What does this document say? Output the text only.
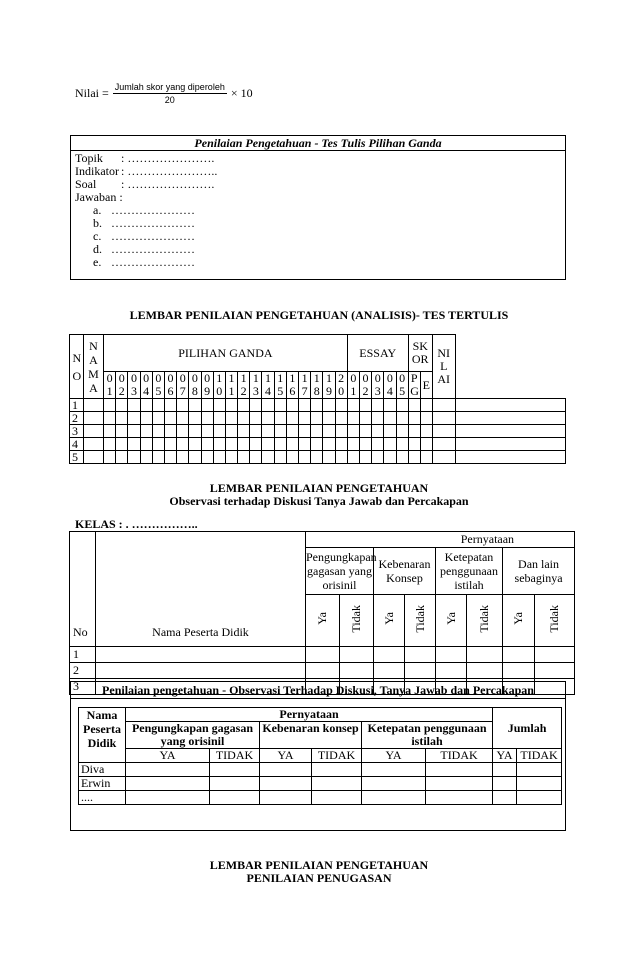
Nilai = $\frac{\text{Jumlah skor yang diperoleh}}{20} \times 10$
Penilaian Pengetahuan - Tes Tulis Pilihan Ganda
Topik : ………………….
Indikator : …………………..
Soal : ………………….
Jawaban :
a. …………………
b. …………………
c. …………………
d. …………………
e. …………………
LEMBAR PENILAIAN PENGETAHUAN (ANALISIS)- TES TERTULIS
N O	N A M A	PILIHAN GANDA																				ESSAY					SK OR		NI L AI	
		01	02	03	04	05	06	07	08	09	10	11	12	13	14	15	16	17	18	19	20	01	02	03	04	05	PG	E		
1																														
2																														
3																														
4																														
5																														
LEMBAR PENILAIAN PENGETAHUAN
Observasi terhadap Diskusi Tanya Jawab dan Percakapan
KELAS : . ……………..
No	Nama Peserta Didik	Pernyataan							
		Pengungkapan gagasan yang orisinil		Kebenaran Konsep		Ketepatan penggunaan istilah		Dan lain sebaginya	
		Ya	Tidak	Ya	Tidak	Ya	Tidak	Ya	Tidak
1									
2									
3										Penilaian pengetahuan - Observasi Terhadap Diskusi, Tanya Jawab dan Percakapan
Nama Peserta Didik	Pernyataan						Jumlah	
	Pengungkapan gagasan yang orisinil		Kebenaran konsep		Ketepatan penggunaan istilah			
	YA	TIDAK	YA	TIDAK	YA	TIDAK	YA	TIDAK
Diva								
Erwin								
....								
LEMBAR PENILAIAN PENGETAHUAN
PENILAIAN PENUGASAN
